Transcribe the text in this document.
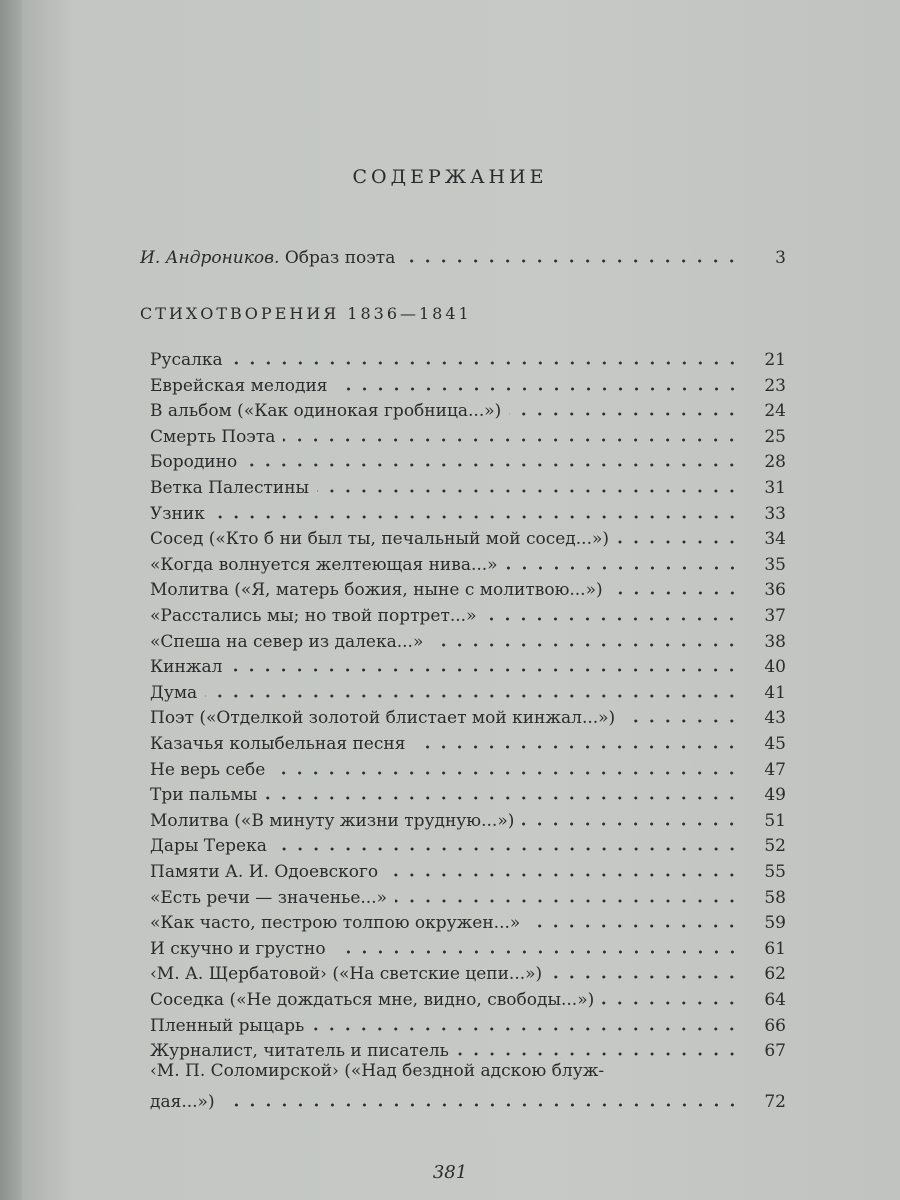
СОДЕРЖАНИЕ
И. Андроников. Образ поэта	3
СТИХОТВОРЕНИЯ 1836—1841
Русалка	21
Еврейская мелодия	23
В альбом («Как одинокая гробница...»)	24
Смерть Поэта	25
Бородино	28
Ветка Палестины	31
Узник	33
Сосед («Кто б ни был ты, печальный мой сосед...»)	34
«Когда волнуется желтеющая нива...»	35
Молитва («Я, матерь божия, ныне с молитвою...»)	36
«Расстались мы; но твой портрет...»	37
«Спеша на север из далека...»	38
Кинжал	40
Дума	41
Поэт («Отделкой золотой блистает мой кинжал...»)	43
Казачья колыбельная песня	45
Не верь себе	47
Три пальмы	49
Молитва («В минуту жизни трудную...»)	51
Дары Терека	52
Памяти А. И. Одоевского	55
«Есть речи — значенье...»	58
«Как часто, пестрою толпою окружен...»	59
И скучно и грустно	61
‹М. А. Щербатовой› («На светские цепи...»)	62
Соседка («Не дождаться мне, видно, свободы...»)	64
Пленный рыцарь	66
Журналист, читатель и писатель	67
‹М. П. Соломирской› («Над бездной адскою блуж-
дая...»)	72
381
